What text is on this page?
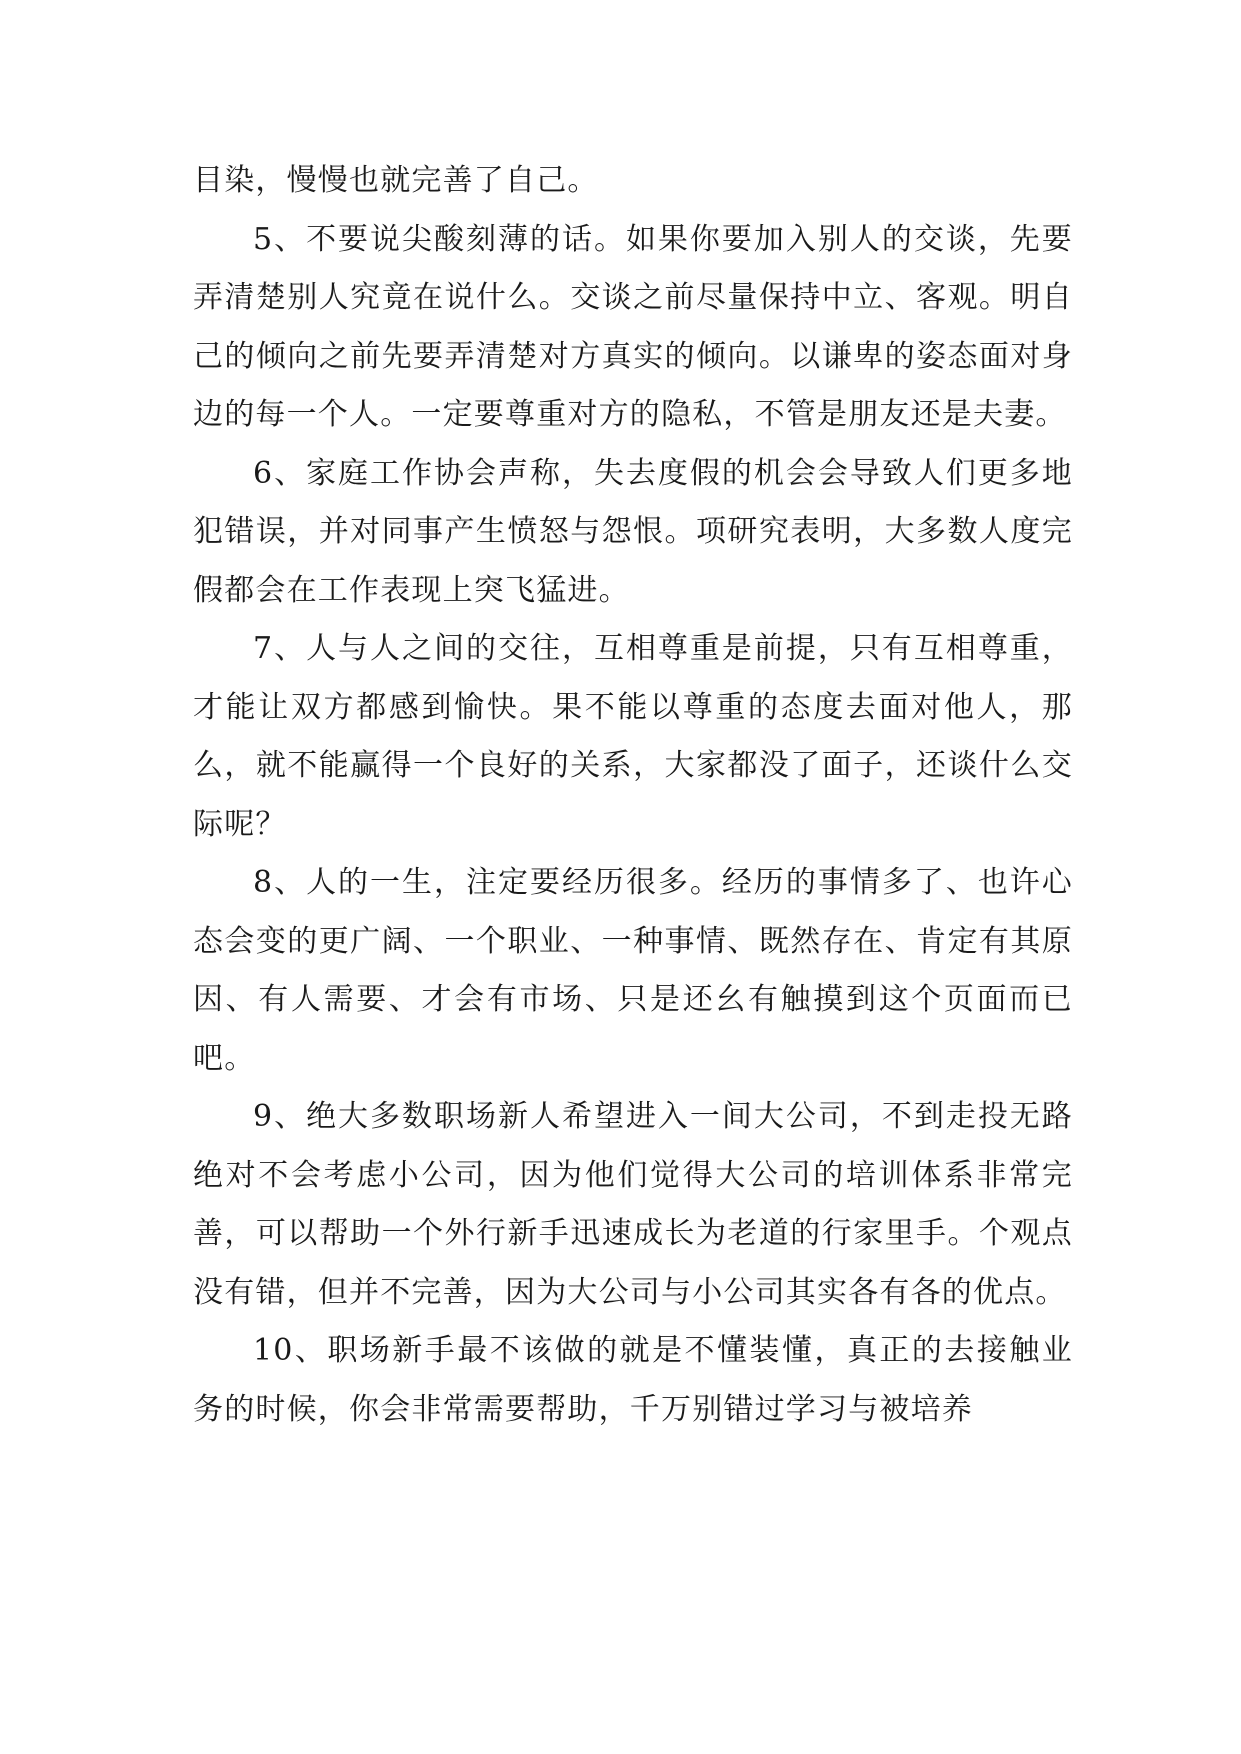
目染，慢慢也就完善了自己。

5、不要说尖酸刻薄的话。如果你要加入别人的交谈，先要弄清楚别人究竟在说什么。交谈之前尽量保持中立、客观。明自己的倾向之前先要弄清楚对方真实的倾向。以谦卑的姿态面对身边的每一个人。一定要尊重对方的隐私，不管是朋友还是夫妻。

6、家庭工作协会声称，失去度假的机会会导致人们更多地犯错误，并对同事产生愤怒与怨恨。项研究表明，大多数人度完假都会在工作表现上突飞猛进。

7、人与人之间的交往，互相尊重是前提，只有互相尊重，才能让双方都感到愉快。果不能以尊重的态度去面对他人，那么，就不能赢得一个良好的关系，大家都没了面子，还谈什么交际呢？

8、人的一生，注定要经历很多。经历的事情多了、也许心态会变的更广阔、一个职业、一种事情、既然存在、肯定有其原因、有人需要、才会有市场、只是还幺有触摸到这个页面而已吧。

9、绝大多数职场新人希望进入一间大公司，不到走投无路绝对不会考虑小公司，因为他们觉得大公司的培训体系非常完善，可以帮助一个外行新手迅速成长为老道的行家里手。个观点没有错，但并不完善，因为大公司与小公司其实各有各的优点。

10、职场新手最不该做的就是不懂装懂，真正的去接触业务的时候，你会非常需要帮助，千万别错过学习与被培养
